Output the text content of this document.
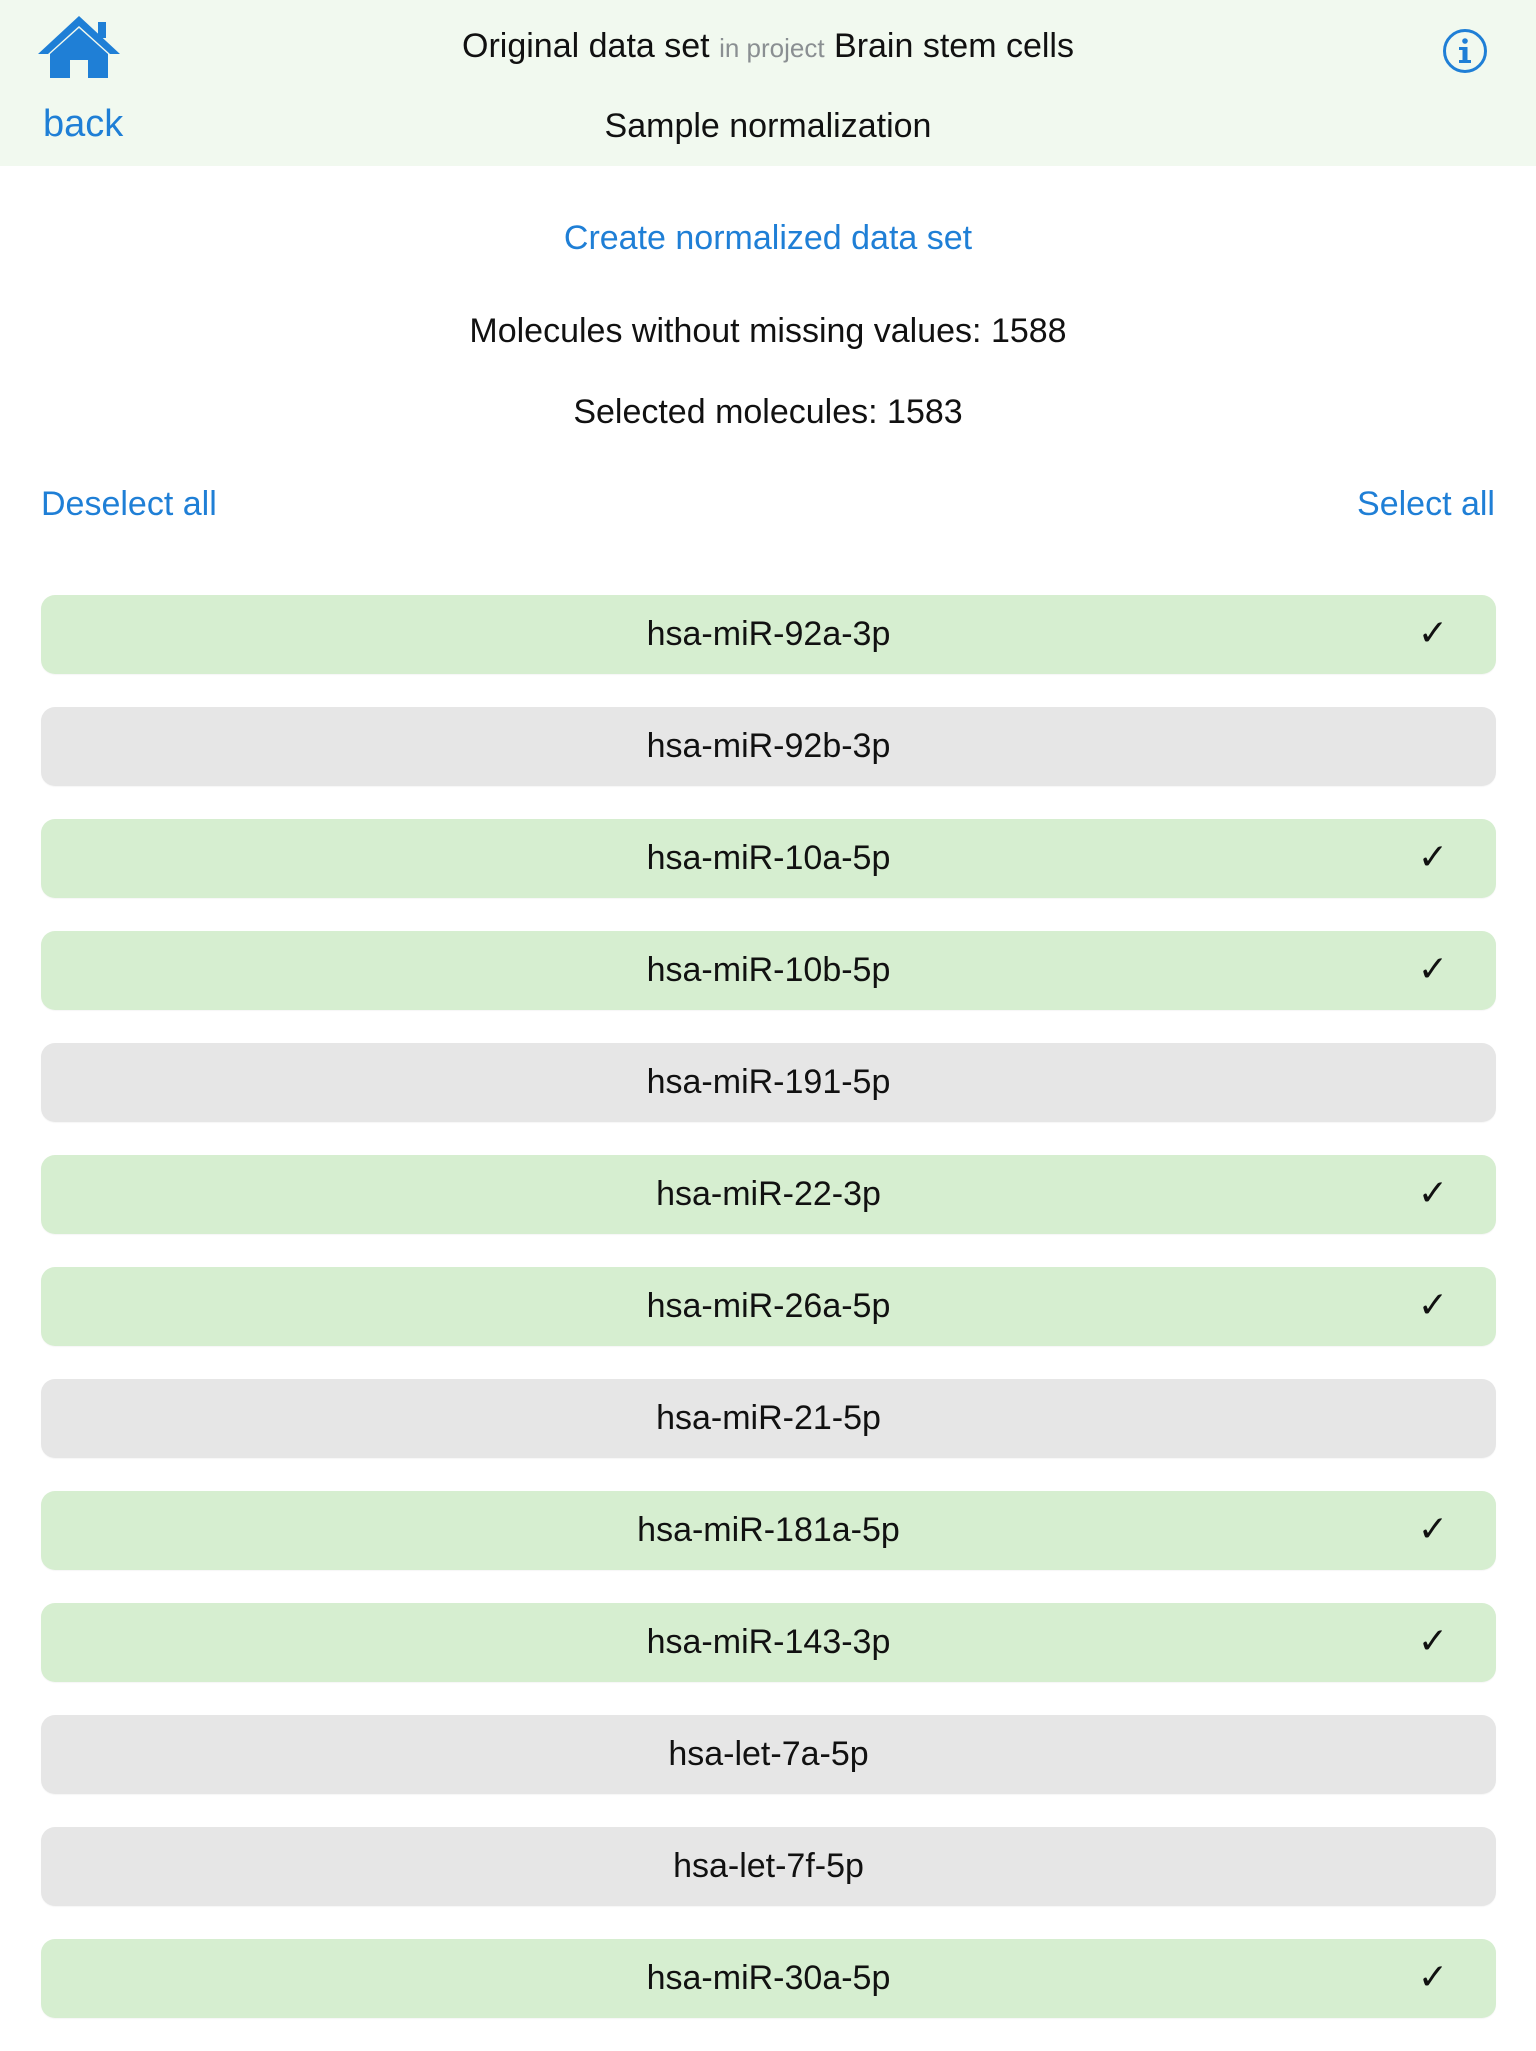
back
Original data set in project Brain stem cells
Sample normalization
Create normalized data set
Molecules without missing values: 1588
Selected molecules: 1583
Deselect all	Select all
hsa-miR-92a-3p	✓
hsa-miR-92b-3p
hsa-miR-10a-5p	✓
hsa-miR-10b-5p	✓
hsa-miR-191-5p
hsa-miR-22-3p	✓
hsa-miR-26a-5p	✓
hsa-miR-21-5p
hsa-miR-181a-5p	✓
hsa-miR-143-3p	✓
hsa-let-7a-5p
hsa-let-7f-5p
hsa-miR-30a-5p	✓
